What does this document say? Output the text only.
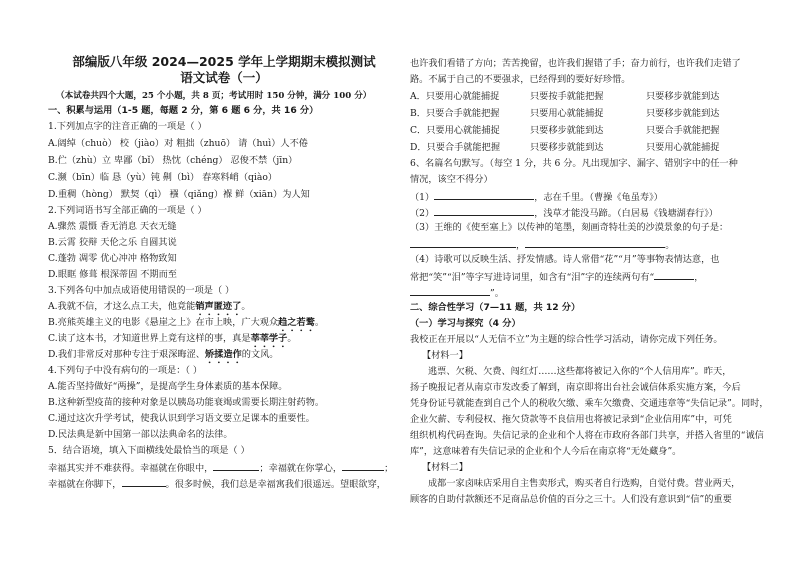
部编版八年级 2024—2025 学年上学期期末模拟测试
语文试卷（一）
（本试卷共四个大题，25 个小题，共 8 页；考试用时 150 分钟，满分 100 分）
一、积累与运用（1-5 题，每题 2 分，第 6 题 6 分，共 16 分）
1.下列加点字的注音正确的一项是（ ）
A.阔绰（chuò） 校（jiào）对 粗拙（zhuō） 请（huì）人不倦
B.伫（zhù）立 卑鄙（bǐ） 热忱（chéng） 忍俊不禁（jīn）
C.濒（bīn）临 恳（yù）钝 劓（bì） 春寒料峭（qiào）
D.重稠（hòng） 默契（qì） 襁（qiǎng）褓 鲜（xiān）为人知
2.下列词语书写全部正确的一项是（ ）
A.骤然 震慑 香无消息 天衣无缝
B.云霄 狡辩 天伦之乐 自圆其说
C.蓬勃 凋零 优心冲冲 格物致知
D.眼眶 修葺 根深蒂固 不期而至
3.下列各句中加点成语使用错误的一项是（ ）
A.我就不信，才这么点工夫，他竟能销声匿迹了。
B.亮熊英雄主义的电影《悬崖之上》在市上映，广大观众趋之若鹜。
C.读了这本书，才知道世界上竟有这样的事，真是莘莘学子。
D.我们非常反对那种专注于艰深晦涩、矫揉造作的文风。
4.下列句子中没有病句的一项是：（ ）
A.能否坚持做好“两操”，是提高学生身体素质的基本保障。
B.这种新型疫苗的接种对象是以胰岛功能衰竭或需要长期注射药物。
C.通过这次升学考试，使我认识到学习语文要立足课本的重要性。
D.民法典是新中国第一部以法典命名的法律。
5．结合语境，填入下面横线处最恰当的项是（ ）
幸福其实并不难获得。幸福就在你眼中，	；幸福就在你掌心，	；
幸福就在你脚下，	。很多时候，我们总是幸福寓我们很遥远。望眼欲穿，
也许我们看错了方向；苦苦挽留，也许我们握错了手；奋力前行，也许我们走错了
路。不属于自己的不要强求，已经得到的要好好珍惜。
A．只要用心就能捕捉	只要按手就能把握	只要移步就能到达
B．只要合手就能把握	只要用心就能捕捉	只要移步就能到达
C．只要用心就能捕捉	只要移步就能到达	只要合手就能把握
D．只要合手就能把握	只要移步就能到达	只要用心就能捕捉
6、名篇名句默写。（每空 1 分，共 6 分。凡出现加字、漏字、错别字中的任一种
情况，该空不得分）
（1）	，志在千里。（曹操《龟虽寿》）
（2）	，浅草才能没马蹄。（白居易《钱塘湖春行》）
（3）王维的《使至塞上》以传神的笔墨，刻画奇特壮美的沙漠景象的句子是：
，	。
（4）诗歌可以反映生活、抒发情感。诗人常借“花”“月”等事物表情达意，也
常把“笑”“泪”等字写进诗词里，如含有“泪”字的连续两句有“	，
”。
二、综合性学习（7—11 题，共 12 分）
（一）学习与探究（4 分）
我校正在开展以“人无信不立”为主题的综合性学习活动，请你完成下列任务。
【材料一】
逃票、欠税、欠费、闯红灯……这些都将被记入你的“个人信用库”。昨天，
扬子晚报记者从南京市发改委了解到，南京即将出台社会诚信体系实施方案，今后
凭身份证号就能查到自己个人的税收欠缴、乘车欠缴费、交通违章等“失信记录”。同时，
企业欠薪、专利侵权、拖欠贷款等不良信用也将被记录到“企业信用库”中，可凭
组织机构代码查询。失信记录的企业和个人将在市政府各部门共享，并搭入省里的“诚信
库”，这意味着有失信记录的企业和个人今后在南京将“无处藏身”。
【材料二】
成都一家卤味店采用自主售卖形式，购买者自行选购，自觉付费。营业两天，
顾客的自助付款额还不足商品总价值的百分之三十。人们没有意识到“信”的重要
